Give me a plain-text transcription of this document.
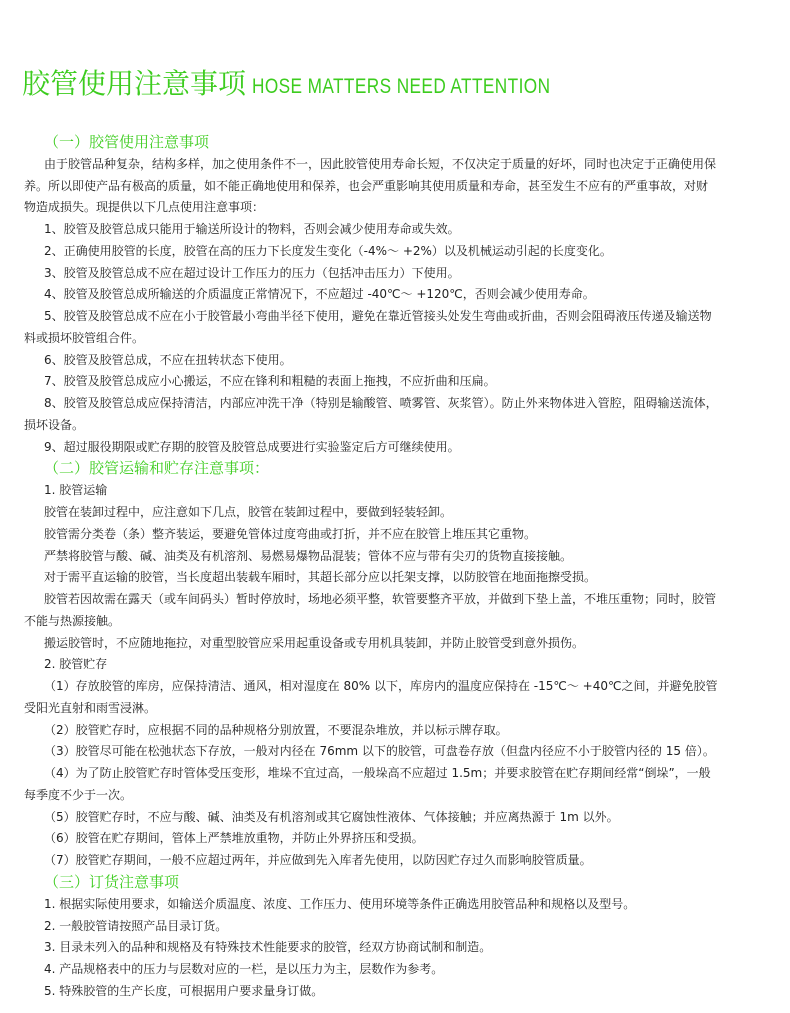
胶管使用注意事项 HOSE MATTERS NEED ATTENTION
（一）胶管使用注意事项

由于胶管品种复杂，结构多样，加之使用条件不一，因此胶管使用寿命长短，不仅决定于质量的好坏，同时也决定于正确使用保养。所以即使产品有极高的质量，如不能正确地使用和保养，也会严重影响其使用质量和寿命，甚至发生不应有的严重事故，对财物造成损失。现提供以下几点使用注意事项：

1、胶管及胶管总成只能用于输送所设计的物料，否则会减少使用寿命或失效。

2、正确使用胶管的长度，胶管在高的压力下长度发生变化（-4%～ +2%）以及机械运动引起的长度变化。

3、胶管及胶管总成不应在超过设计工作压力的压力（包括冲击压力）下使用。

4、胶管及胶管总成所输送的介质温度正常情况下，不应超过 -40℃～ +120℃，否则会减少使用寿命。

5、胶管及胶管总成不应在小于胶管最小弯曲半径下使用，避免在靠近管接头处发生弯曲或折曲，否则会阻碍液压传递及输送物料或损坏胶管组合件。

6、胶管及胶管总成，不应在扭转状态下使用。

7、胶管及胶管总成应小心搬运，不应在锋利和粗糙的表面上拖拽，不应折曲和压扁。

8、胶管及胶管总成应保持清洁，内部应冲洗干净（特别是输酸管、喷雾管、灰浆管）。防止外来物体进入管腔，阻碍输送流体，损坏设备。

9、超过服役期限或贮存期的胶管及胶管总成要进行实验鉴定后方可继续使用。

（二）胶管运输和贮存注意事项：

1. 胶管运输

胶管在装卸过程中，应注意如下几点，胶管在装卸过程中，要做到轻装轻卸。

胶管需分类卷（条）整齐装运，要避免管体过度弯曲或打折，并不应在胶管上堆压其它重物。

严禁将胶管与酸、碱、油类及有机溶剂、易燃易爆物品混装；管体不应与带有尖刃的货物直接接触。

对于需平直运输的胶管，当长度超出装载车厢时，其超长部分应以托架支撑，以防胶管在地面拖擦受损。

胶管若因故需在露天（或车间码头）暂时停放时，场地必须平整，软管要整齐平放，并做到下垫上盖，不堆压重物；同时，胶管不能与热源接触。

搬运胶管时，不应随地拖拉，对重型胶管应采用起重设备或专用机具装卸，并防止胶管受到意外损伤。

2. 胶管贮存

（1）存放胶管的库房，应保持清洁、通风，相对湿度在 80% 以下，库房内的温度应保持在 -15℃～ +40℃之间，并避免胶管受阳光直射和雨雪浸淋。

（2）胶管贮存时，应根据不同的品种规格分别放置，不要混杂堆放，并以标示牌存取。

（3）胶管尽可能在松弛状态下存放，一般对内径在 76mm 以下的胶管，可盘卷存放（但盘内径应不小于胶管内径的 15 倍）。

（4）为了防止胶管贮存时管体受压变形，堆垛不宜过高，一般垛高不应超过 1.5m；并要求胶管在贮存期间经常“倒垛”，一般每季度不少于一次。

（5）胶管贮存时，不应与酸、碱、油类及有机溶剂或其它腐蚀性液体、气体接触；并应离热源于 1m 以外。

（6）胶管在贮存期间，管体上严禁堆放重物，并防止外界挤压和受损。

（7）胶管贮存期间，一般不应超过两年，并应做到先入库者先使用，以防因贮存过久而影响胶管质量。

（三）订货注意事项

1. 根据实际使用要求，如输送介质温度、浓度、工作压力、使用环境等条件正确选用胶管品种和规格以及型号。

2. 一般胶管请按照产品目录订货。

3. 目录未列入的品种和规格及有特殊技术性能要求的胶管，经双方协商试制和制造。

4. 产品规格表中的压力与层数对应的一栏，是以压力为主，层数作为参考。

5. 特殊胶管的生产长度，可根据用户要求量身订做。
